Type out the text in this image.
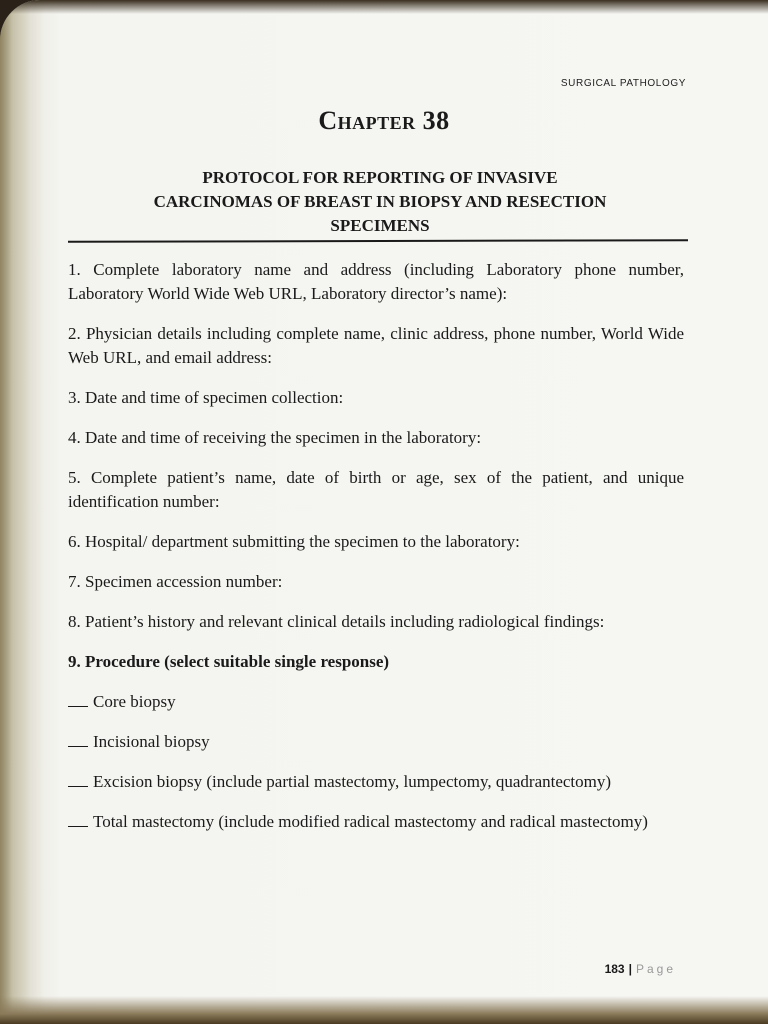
SURGICAL PATHOLOGY
Chapter 38
PROTOCOL FOR REPORTING OF INVASIVE
CARCINOMAS OF BREAST IN BIOPSY AND RESECTION
SPECIMENS

1. Complete laboratory name and address (including Laboratory phone number, Laboratory World Wide Web URL, Laboratory director’s name):

2. Physician details including complete name, clinic address, phone number, World Wide Web URL, and email address:

3. Date and time of specimen collection:

4. Date and time of receiving the specimen in the laboratory:

5. Complete patient’s name, date of birth or age, sex of the patient, and unique identification number:

6. Hospital/ department submitting the specimen to the laboratory:

7. Specimen accession number:

8. Patient’s history and relevant clinical details including radiological findings:

9. Procedure (select suitable single response)

Core biopsy

Incisional biopsy

Excision biopsy (include partial mastectomy, lumpectomy, quadrantectomy)

Total mastectomy (include modified radical mastectomy and radical mastectomy)

183 | Page
